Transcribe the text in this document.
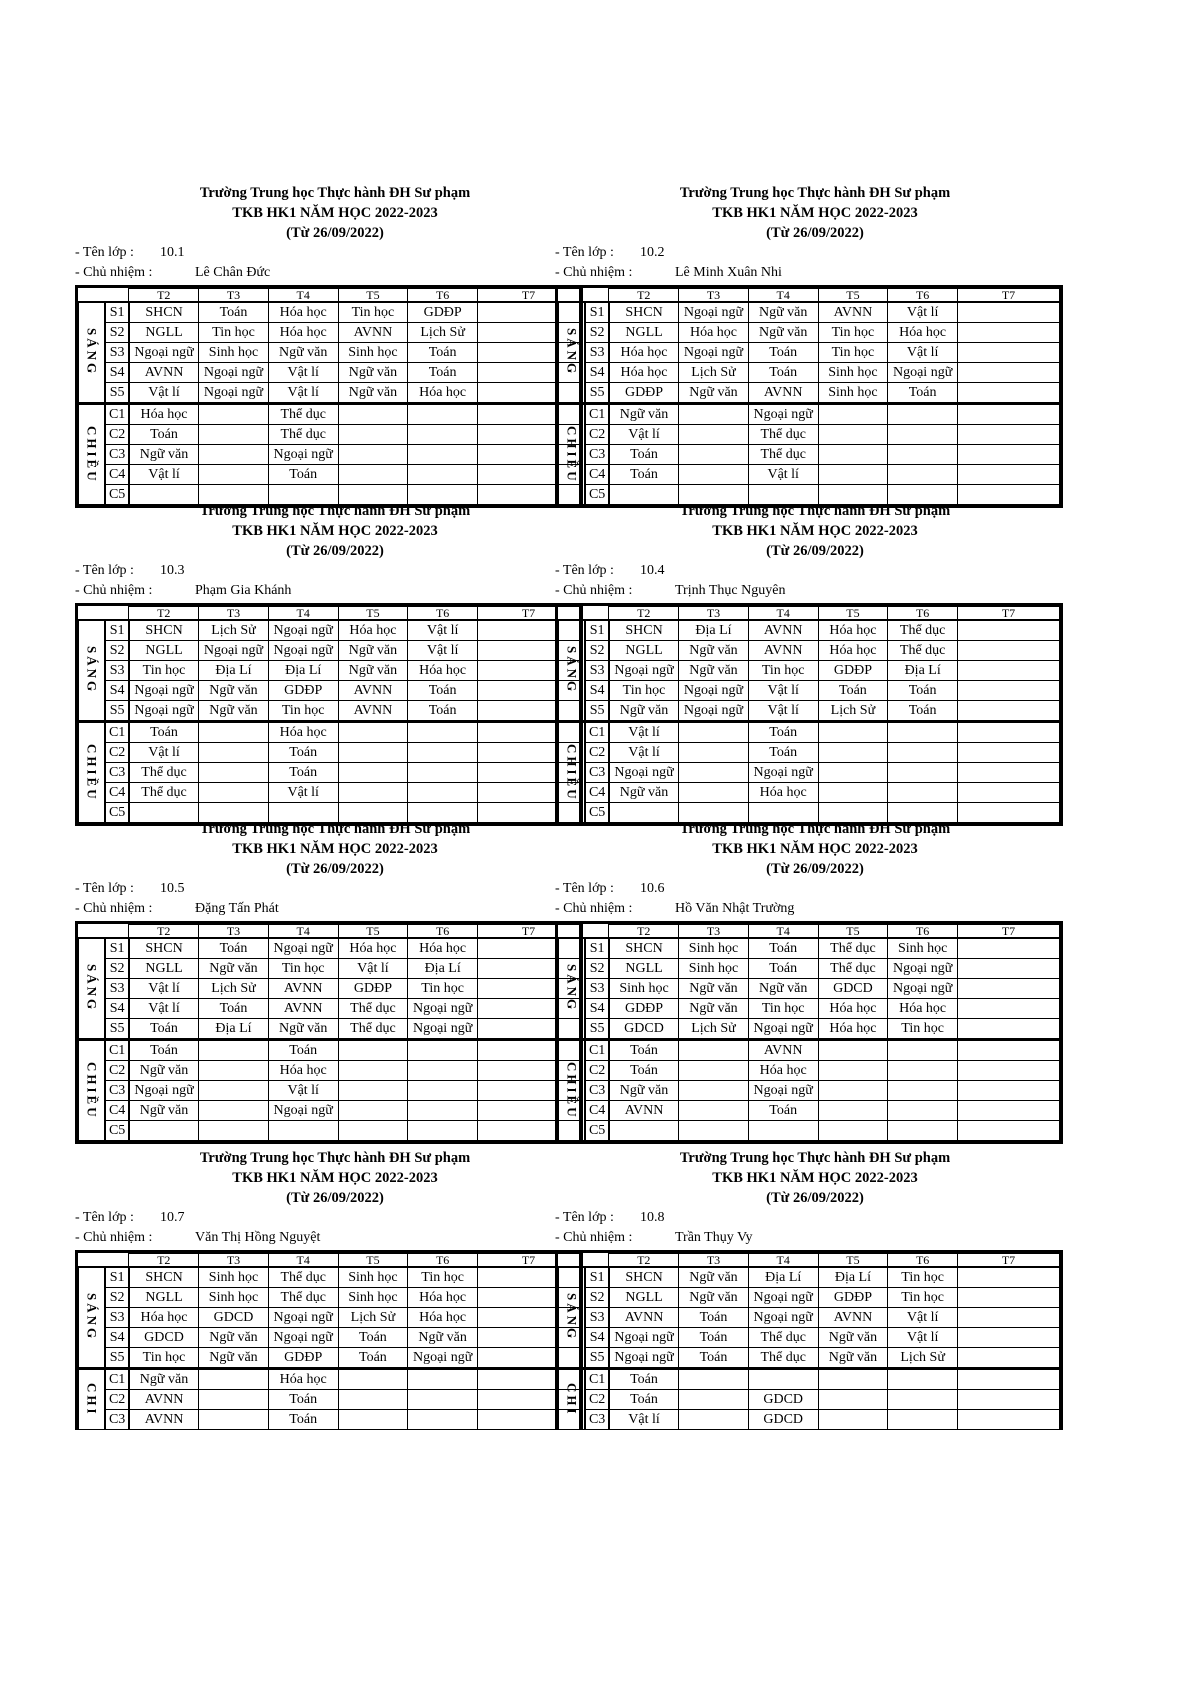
Trường Trung học Thực hành ĐH Sư phạm
TKB HK1 NĂM HỌC 2022-2023
(Từ 26/09/2022)
- Tên lớp : 10.1
- Chủ nhiệm :	Lê Chân Đức
		T2	T3	T4	T5	T6	T7
SÁNG	S1	SHCN	Toán	Hóa học	Tin học	GDĐP	
	S2	NGLL	Tin học	Hóa học	AVNN	Lịch Sử	
	S3	Ngoại ngữ	Sinh học	Ngữ văn	Sinh học	Toán	
	S4	AVNN	Ngoại ngữ	Vật lí	Ngữ văn	Toán	
	S5	Vật lí	Ngoại ngữ	Vật lí	Ngữ văn	Hóa học	
CHIỀU	C1	Hóa học		Thể dục			
	C2	Toán		Thể dục			
	C3	Ngữ văn		Ngoại ngữ			
	C4	Vật lí		Toán			
	C5						
Trường Trung học Thực hành ĐH Sư phạm
TKB HK1 NĂM HỌC 2022-2023
(Từ 26/09/2022)
- Tên lớp : 10.2
- Chủ nhiệm :	Lê Minh Xuân Nhi
		T2	T3	T4	T5	T6	T7
SÁNG	S1	SHCN	Ngoại ngữ	Ngữ văn	AVNN	Vật lí	
	S2	NGLL	Hóa học	Ngữ văn	Tin học	Hóa học	
	S3	Hóa học	Ngoại ngữ	Toán	Tin học	Vật lí	
	S4	Hóa học	Lịch Sử	Toán	Sinh học	Ngoại ngữ	
	S5	GDĐP	Ngữ văn	AVNN	Sinh học	Toán	
CHIỀU	C1	Ngữ văn		Ngoại ngữ			
	C2	Vật lí		Thể dục			
	C3	Toán		Thể dục			
	C4	Toán		Vật lí			
	C5						
Trường Trung học Thực hành ĐH Sư phạm
TKB HK1 NĂM HỌC 2022-2023
(Từ 26/09/2022)
- Tên lớp : 10.3
- Chủ nhiệm :	Phạm Gia Khánh
		T2	T3	T4	T5	T6	T7
SÁNG	S1	SHCN	Lịch Sử	Ngoại ngữ	Hóa học	Vật lí	
	S2	NGLL	Ngoại ngữ	Ngoại ngữ	Ngữ văn	Vật lí	
	S3	Tin học	Địa Lí	Địa Lí	Ngữ văn	Hóa học	
	S4	Ngoại ngữ	Ngữ văn	GDĐP	AVNN	Toán	
	S5	Ngoại ngữ	Ngữ văn	Tin học	AVNN	Toán	
CHIỀU	C1	Toán		Hóa học			
	C2	Vật lí		Toán			
	C3	Thể dục		Toán			
	C4	Thể dục		Vật lí			
	C5						
Trường Trung học Thực hành ĐH Sư phạm
TKB HK1 NĂM HỌC 2022-2023
(Từ 26/09/2022)
- Tên lớp : 10.4
- Chủ nhiệm :	Trịnh Thục Nguyên
		T2	T3	T4	T5	T6	T7
SÁNG	S1	SHCN	Địa Lí	AVNN	Hóa học	Thể dục	
	S2	NGLL	Ngữ văn	AVNN	Hóa học	Thể dục	
	S3	Ngoại ngữ	Ngữ văn	Tin học	GDĐP	Địa Lí	
	S4	Tin học	Ngoại ngữ	Vật lí	Toán	Toán	
	S5	Ngữ văn	Ngoại ngữ	Vật lí	Lịch Sử	Toán	
CHIỀU	C1	Vật lí		Toán			
	C2	Vật lí		Toán			
	C3	Ngoại ngữ		Ngoại ngữ			
	C4	Ngữ văn		Hóa học			
	C5						
Trường Trung học Thực hành ĐH Sư phạm
TKB HK1 NĂM HỌC 2022-2023
(Từ 26/09/2022)
- Tên lớp : 10.5
- Chủ nhiệm :	Đặng Tấn Phát
		T2	T3	T4	T5	T6	T7
SÁNG	S1	SHCN	Toán	Ngoại ngữ	Hóa học	Hóa học	
	S2	NGLL	Ngữ văn	Tin học	Vật lí	Địa Lí	
	S3	Vật lí	Lịch Sử	AVNN	GDĐP	Tin học	
	S4	Vật lí	Toán	AVNN	Thể dục	Ngoại ngữ	
	S5	Toán	Địa Lí	Ngữ văn	Thể dục	Ngoại ngữ	
CHIỀU	C1	Toán		Toán			
	C2	Ngữ văn		Hóa học			
	C3	Ngoại ngữ		Vật lí			
	C4	Ngữ văn		Ngoại ngữ			
	C5						
Trường Trung học Thực hành ĐH Sư phạm
TKB HK1 NĂM HỌC 2022-2023
(Từ 26/09/2022)
- Tên lớp : 10.6
- Chủ nhiệm :	Hồ Văn Nhật Trường
		T2	T3	T4	T5	T6	T7
SÁNG	S1	SHCN	Sinh học	Toán	Thể dục	Sinh học	
	S2	NGLL	Sinh học	Toán	Thể dục	Ngoại ngữ	
	S3	Sinh học	Ngữ văn	Ngữ văn	GDCD	Ngoại ngữ	
	S4	GDĐP	Ngữ văn	Tin học	Hóa học	Hóa học	
	S5	GDCD	Lịch Sử	Ngoại ngữ	Hóa học	Tin học	
CHIỀU	C1	Toán		AVNN			
	C2	Toán		Hóa học			
	C3	Ngữ văn		Ngoại ngữ			
	C4	AVNN		Toán			
	C5						
Trường Trung học Thực hành ĐH Sư phạm
TKB HK1 NĂM HỌC 2022-2023
(Từ 26/09/2022)
- Tên lớp : 10.7
- Chủ nhiệm :	Văn Thị Hồng Nguyệt
		T2	T3	T4	T5	T6	T7
SÁNG	S1	SHCN	Sinh học	Thể dục	Sinh học	Tin học	
	S2	NGLL	Sinh học	Thể dục	Sinh học	Hóa học	
	S3	Hóa học	GDCD	Ngoại ngữ	Lịch Sử	Hóa học	
	S4	GDCD	Ngữ văn	Ngoại ngữ	Toán	Ngữ văn	
	S5	Tin học	Ngữ văn	GDĐP	Toán	Ngoại ngữ	
CHI	C1	Ngữ văn		Hóa học			
	C2	AVNN		Toán			
	C3	AVNN		Toán			
Trường Trung học Thực hành ĐH Sư phạm
TKB HK1 NĂM HỌC 2022-2023
(Từ 26/09/2022)
- Tên lớp : 10.8
- Chủ nhiệm :	Trần Thụy Vy
		T2	T3	T4	T5	T6	T7
SÁNG	S1	SHCN	Ngữ văn	Địa Lí	Địa Lí	Tin học	
	S2	NGLL	Ngữ văn	Ngoại ngữ	GDĐP	Tin học	
	S3	AVNN	Toán	Ngoại ngữ	AVNN	Vật lí	
	S4	Ngoại ngữ	Toán	Thể dục	Ngữ văn	Vật lí	
	S5	Ngoại ngữ	Toán	Thể dục	Ngữ văn	Lịch Sử	
CHI	C1	Toán					
	C2	Toán		GDCD			
	C3	Vật lí		GDCD			
